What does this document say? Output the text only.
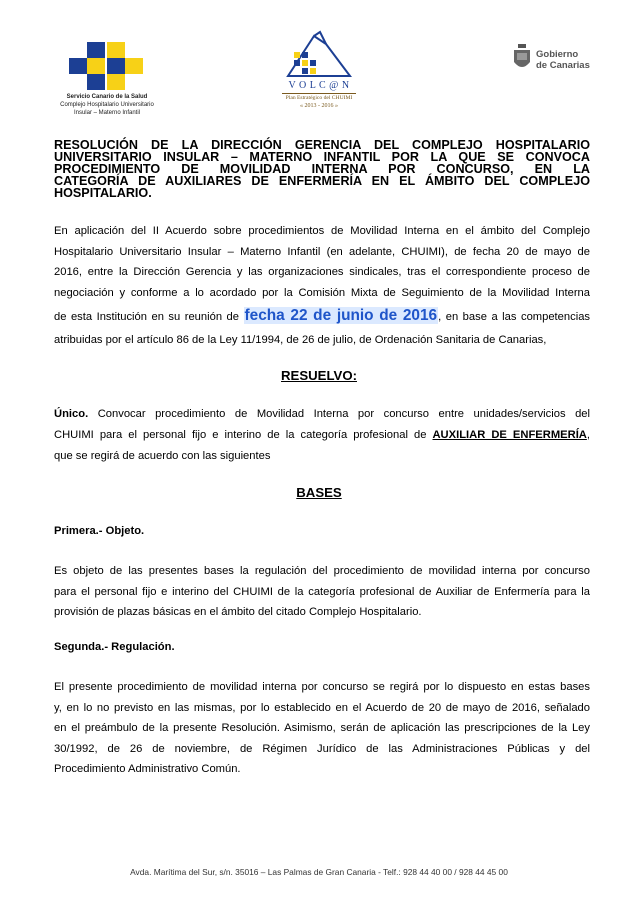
Servicio Canario de la Salud
Complejo Hospitalario Universitario
Insular – Materno Infantil
V O L C @ N
Plan Estratégico del CHUIMI
« 2013 - 2016 »
Gobierno
de Canarias
RESOLUCIÓN DE LA DIRECCIÓN GERENCIA DEL COMPLEJO HOSPITALARIO
UNIVERSITARIO INSULAR – MATERNO INFANTIL POR LA QUE SE CONVOCA
PROCEDIMIENTO DE MOVILIDAD INTERNA POR CONCURSO, EN LA
CATEGORÍA DE AUXILIARES DE ENFERMERÍA EN EL ÁMBITO DEL COMPLEJO
HOSPITALARIO.
En aplicación del II Acuerdo sobre procedimientos de Movilidad Interna en el ámbito del Complejo
Hospitalario Universitario Insular – Materno Infantil (en adelante, CHUIMI), de fecha 20 de mayo de
2016, entre la Dirección Gerencia y las organizaciones sindicales, tras el correspondiente proceso de
negociación y conforme a lo acordado por la Comisión Mixta de Seguimiento de la Movilidad Interna
de esta Institución en su reunión de fecha 22 de junio de 2016, en base a las competencias
atribuidas por el artículo 86 de la Ley 11/1994, de 26 de julio, de Ordenación Sanitaria de Canarias,
RESUELVO:
Único. Convocar procedimiento de Movilidad Interna por concurso entre unidades/servicios del
CHUIMI para el personal fijo e interino de la categoría profesional de AUXILIAR DE ENFERMERÍA,
que se regirá de acuerdo con las siguientes
BASES
Primera.- Objeto.
Es objeto de las presentes bases la regulación del procedimiento de movilidad interna por concurso
para el personal fijo e interino del CHUIMI de la categoría profesional de Auxiliar de Enfermería para la
provisión de plazas básicas en el ámbito del citado Complejo Hospitalario.
Segunda.- Regulación.
El presente procedimiento de movilidad interna por concurso se regirá por lo dispuesto en estas bases
y, en lo no previsto en las mismas, por lo establecido en el Acuerdo de 20 de mayo de 2016, señalado
en el preámbulo de la presente Resolución. Asimismo, serán de aplicación las prescripciones de la Ley
30/1992, de 26 de noviembre, de Régimen Jurídico de las Administraciones Públicas y del
Procedimiento Administrativo Común.
Avda. Marítima del Sur, s/n. 35016 – Las Palmas de Gran Canaria - Telf.: 928 44 40 00 / 928 44 45 00
